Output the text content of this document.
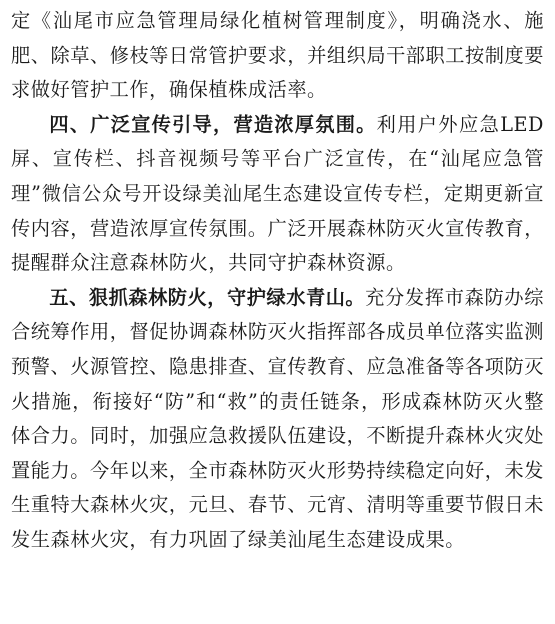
定《汕尾市应急管理局绿化植树管理制度》，明确浇水、施肥、除草、修枝等日常管护要求，并组织局干部职工按制度要求做好管护工作，确保植株成活率。

四、广泛宣传引导，营造浓厚氛围。利用户外应急LED屏、宣传栏、抖音视频号等平台广泛宣传，在“汕尾应急管理”微信公众号开设绿美汕尾生态建设宣传专栏，定期更新宣传内容，营造浓厚宣传氛围。广泛开展森林防灭火宣传教育，提醒群众注意森林防火，共同守护森林资源。

五、狠抓森林防火，守护绿水青山。充分发挥市森防办综合统筹作用，督促协调森林防灭火指挥部各成员单位落实监测预警、火源管控、隐患排查、宣传教育、应急准备等各项防灭火措施，衔接好“防”和“救”的责任链条，形成森林防灭火整体合力。同时，加强应急救援队伍建设，不断提升森林火灾处置能力。今年以来，全市森林防灭火形势持续稳定向好，未发生重特大森林火灾，元旦、春节、元宵、清明等重要节假日未发生森林火灾，有力巩固了绿美汕尾生态建设成果。
